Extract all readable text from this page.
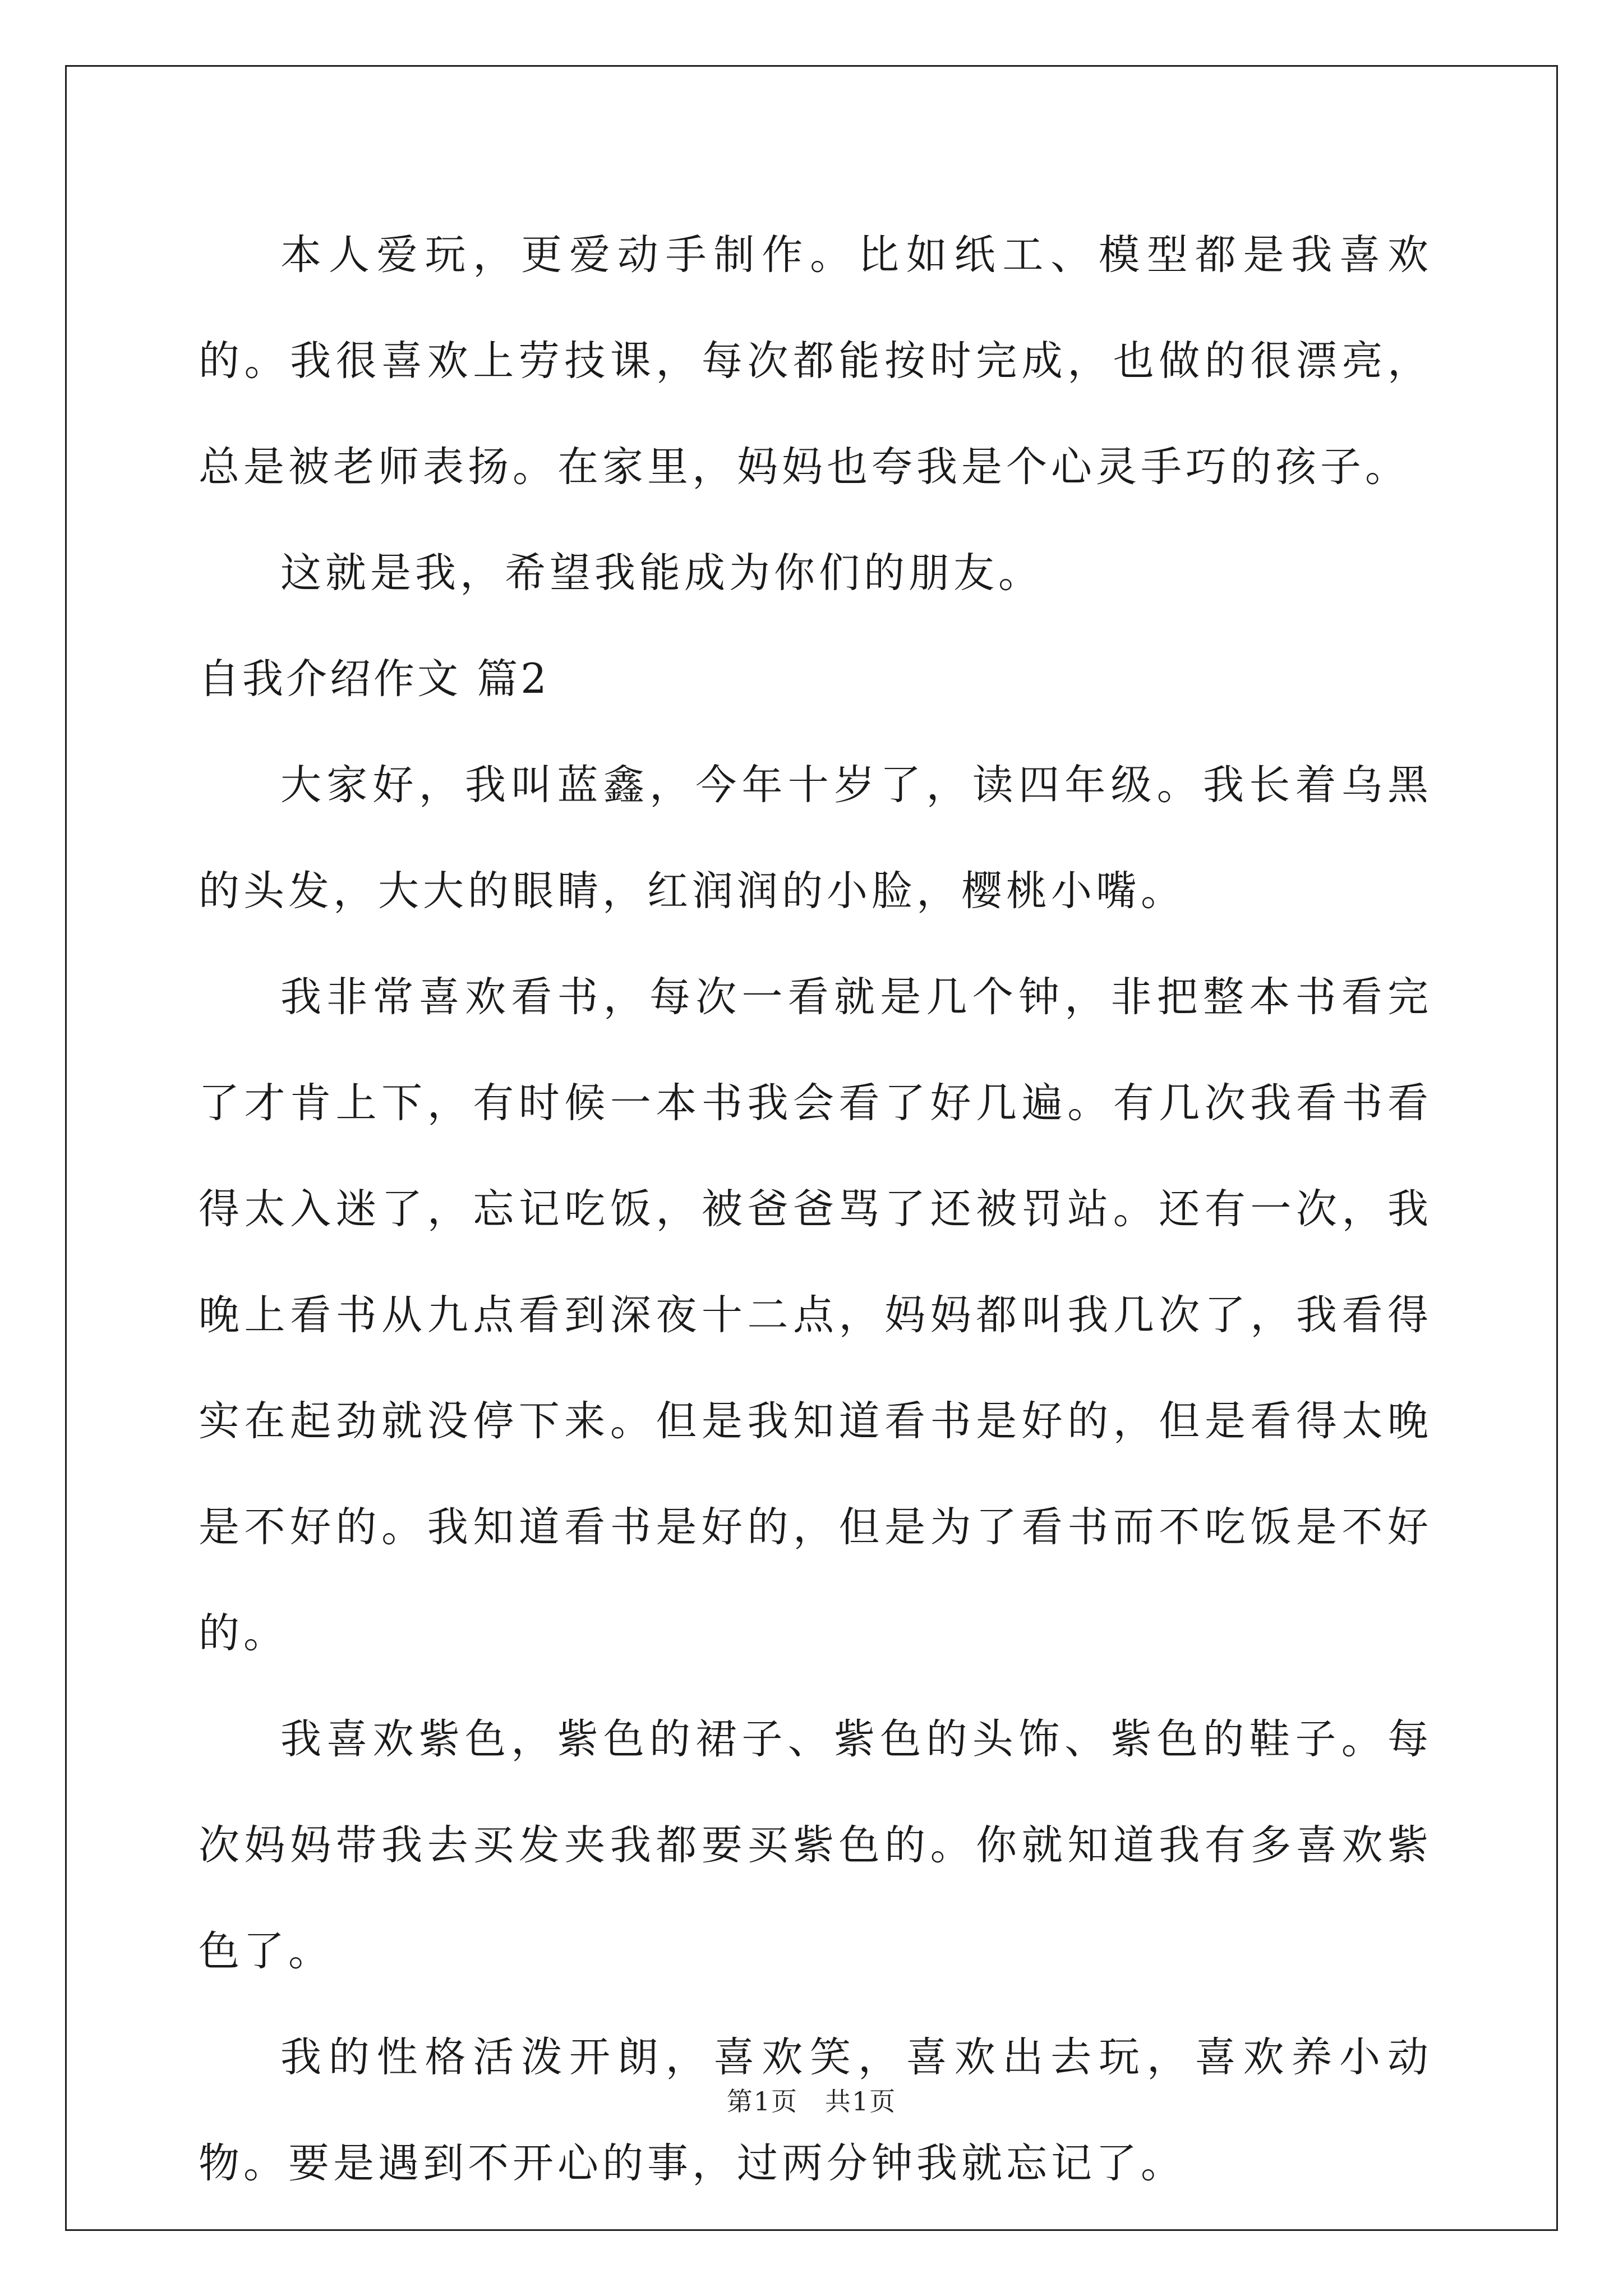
本人爱玩，更爱动手制作。比如纸工、模型都是我喜欢的。我很喜欢上劳技课，每次都能按时完成，也做的很漂亮，总是被老师表扬。在家里，妈妈也夸我是个心灵手巧的孩子。

这就是我，希望我能成为你们的朋友。

自我介绍作文 篇2

大家好，我叫蓝鑫，今年十岁了，读四年级。我长着乌黑的头发，大大的眼睛，红润润的小脸，樱桃小嘴。

我非常喜欢看书，每次一看就是几个钟，非把整本书看完了才肯上下，有时候一本书我会看了好几遍。有几次我看书看得太入迷了，忘记吃饭，被爸爸骂了还被罚站。还有一次，我晚上看书从九点看到深夜十二点，妈妈都叫我几次了，我看得实在起劲就没停下来。但是我知道看书是好的，但是看得太晚是不好的。我知道看书是好的，但是为了看书而不吃饭是不好的。

我喜欢紫色，紫色的裙子、紫色的头饰、紫色的鞋子。每次妈妈带我去买发夹我都要买紫色的。你就知道我有多喜欢紫色了。

我的性格活泼开朗，喜欢笑，喜欢出去玩，喜欢养小动物。要是遇到不开心的事，过两分钟我就忘记了。

第1页 共1页
